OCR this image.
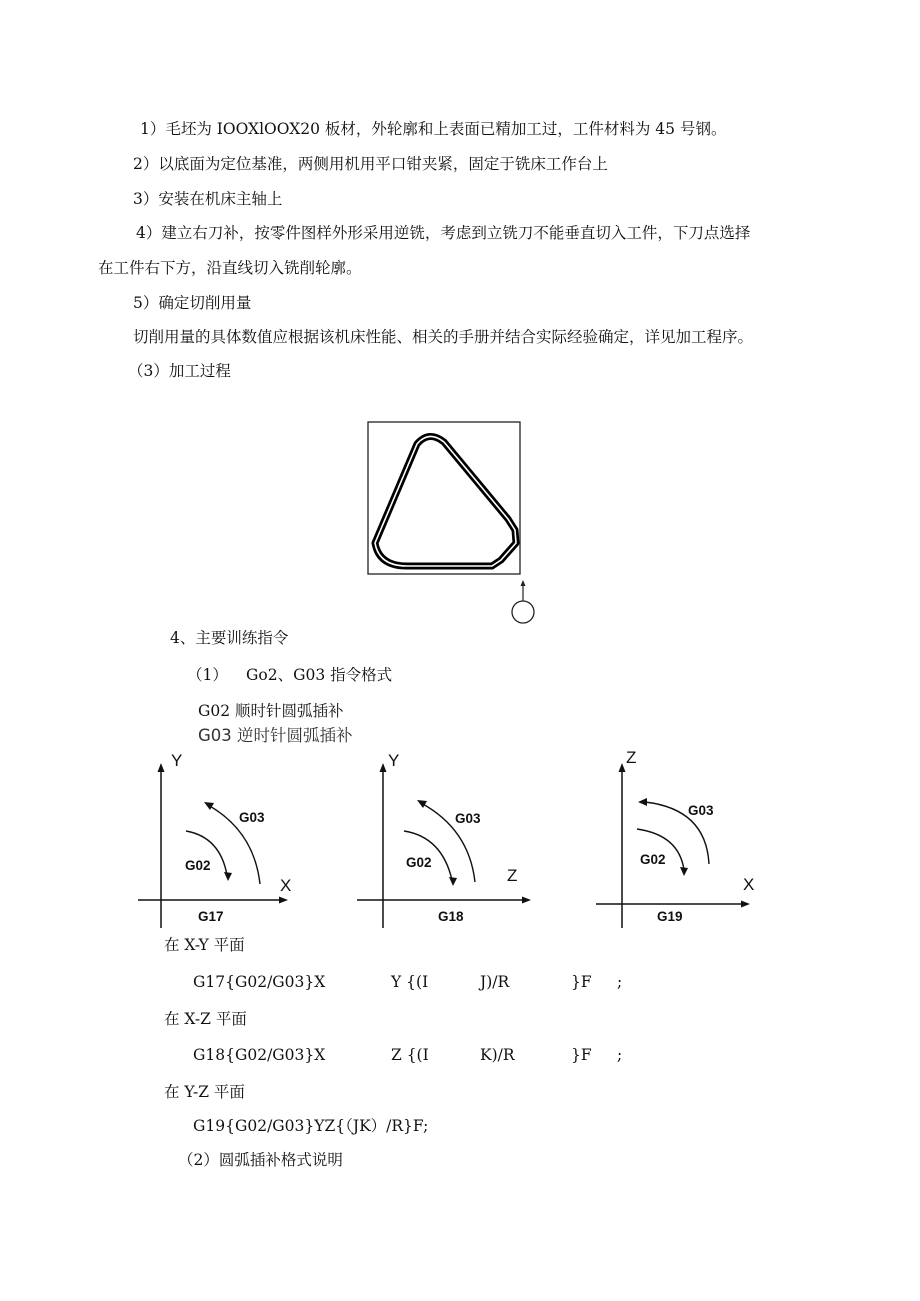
1）毛坯为 IOOXlOOX20 板材，外轮廓和上表面已精加工过，工件材料为 45 号钢。
2）以底面为定位基准，两侧用机用平口钳夹紧，固定于铣床工作台上
3）安装在机床主轴上
4）建立右刀补，按零件图样外形采用逆铣，考虑到立铣刀不能垂直切入工件，下刀点选择
在工件右下方，沿直线切入铣削轮廓。
5）确定切削用量
切削用量的具体数值应根据该机床性能、相关的手册并结合实际经验确定，详见加工程序。
（3）加工过程
4、主要训练指令
（1） Go2、G03 指令格式
G02 顺时针圆弧插补
G03 逆时针圆弧插补
Y
X
G03
G02
G17
Y
Z
G03
G02
G18
Z
X
G03
G02
G19
在 X-Y 平面
G17{G02/G03}X	Y {(I	J)/R	}F ;
在 X-Z 平面
G18{G02/G03}X	Z {(I	K)/R	}F ;
在 Y-Z 平面
G19{G02/G03}YZ{（JK）/R}F;
（2）圆弧插补格式说明
